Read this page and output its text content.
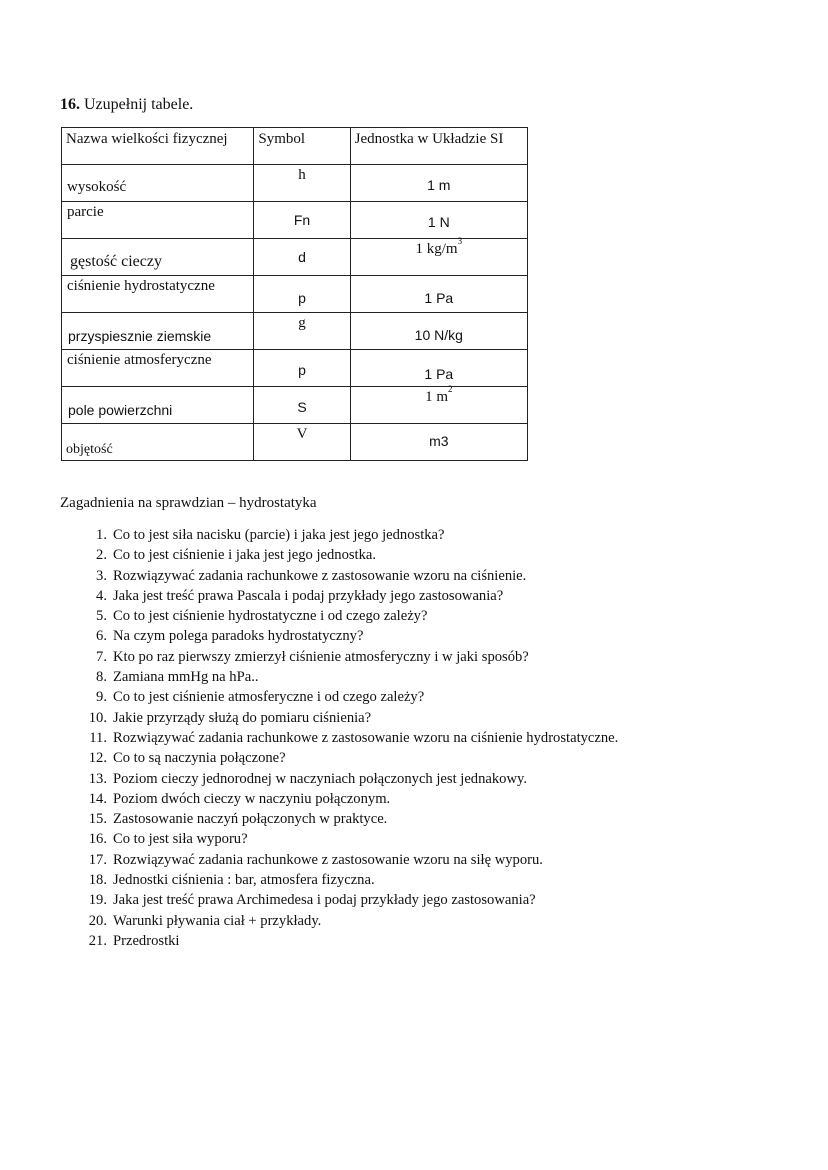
16. Uzupełnij tabele.
Nazwa wielkości fizycznej	Symbol	Jednostka w Układzie SI

wysokość	h	1 m

parcie	Fn	1 N

gęstość cieczy	d	1 kg/m 3

ciśnienie hydrostatyczne	p	1 Pa

przyspiesznie ziemskie	g	10 N/kg

ciśnienie atmosferyczne	p	1 Pa

pole powierzchni	S	1 m 2

objętość	V	m3
Zagadnienia na sprawdzian – hydrostatyka
1. Co to jest siła nacisku (parcie) i jaka jest jego jednostka?
2. Co to jest ciśnienie i jaka jest jego jednostka.
3. Rozwiązywać zadania rachunkowe z zastosowanie wzoru na ciśnienie.
4. Jaka jest treść prawa Pascala i podaj przykłady jego zastosowania?
5. Co to jest ciśnienie hydrostatyczne i od czego zależy?
6. Na czym polega paradoks hydrostatyczny?
7. Kto po raz pierwszy zmierzył ciśnienie atmosferyczny i w jaki sposób?
8. Zamiana mmHg na hPa..
9. Co to jest ciśnienie atmosferyczne i od czego zależy?
10. Jakie przyrządy służą do pomiaru ciśnienia?
11. Rozwiązywać zadania rachunkowe z zastosowanie wzoru na ciśnienie hydrostatyczne.
12. Co to są naczynia połączone?
13. Poziom cieczy jednorodnej w naczyniach połączonych jest jednakowy.
14. Poziom dwóch cieczy w naczyniu połączonym.
15. Zastosowanie naczyń połączonych w praktyce.
16. Co to jest siła wyporu?
17. Rozwiązywać zadania rachunkowe z zastosowanie wzoru na siłę wyporu.
18. Jednostki ciśnienia : bar, atmosfera fizyczna.
19. Jaka jest treść prawa Archimedesa i podaj przykłady jego zastosowania?
20. Warunki pływania ciał + przykłady.
21. Przedrostki
